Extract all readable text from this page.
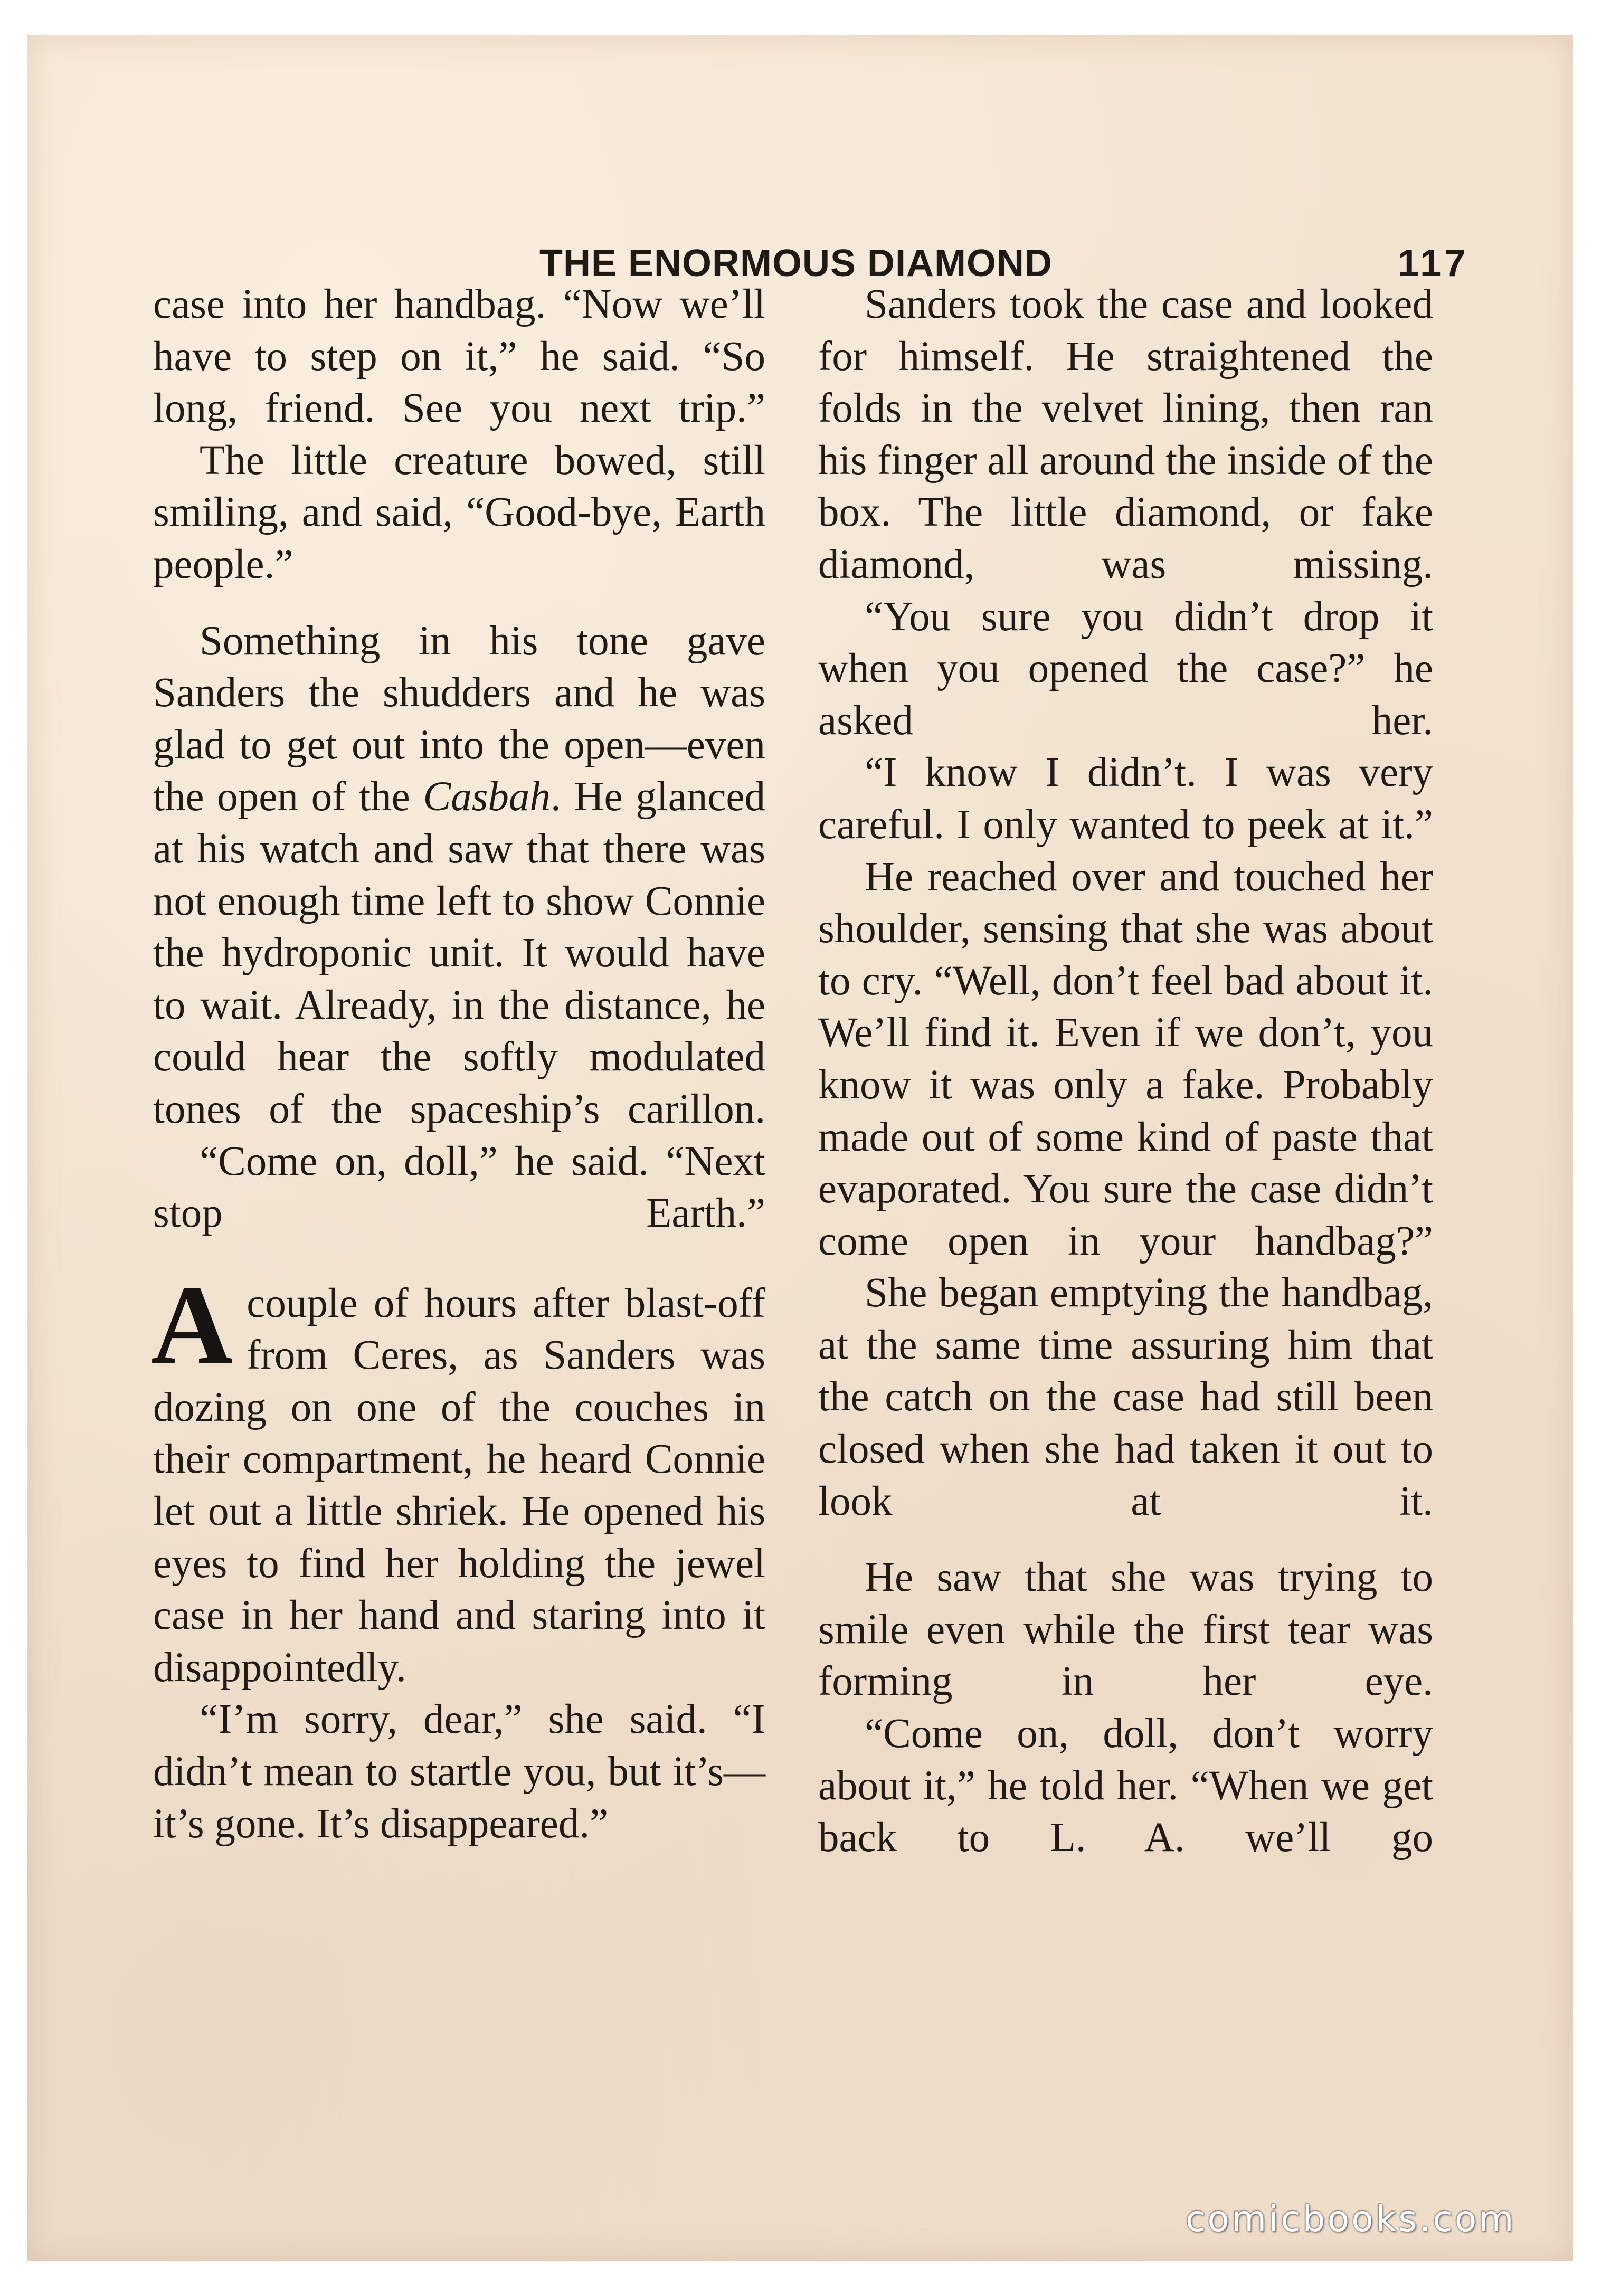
THE ENORMOUS DIAMOND	117

case into her handbag. “Now we’ll have to step on it,” he said. “So long, friend. See you next trip.”

The little creature bowed, still smiling, and said, “Good-bye, Earth people.”

Something in his tone gave Sanders the shudders and he was glad to get out into the open—even the open of the Casbah. He glanced at his watch and saw that there was not enough time left to show Connie the hydroponic unit. It would have to wait. Already, in the distance, he could hear the softly modulated tones of the spaceship’s carillon.

“Come on, doll,” he said. “Next stop Earth.”

Acouple of hours after blast-off from Ceres, as Sanders was dozing on one of the couches in their compartment, he heard Connie let out a little shriek. He opened his eyes to find her holding the jewel case in her hand and staring into it disappointedly.

“I’m sorry, dear,” she said. “I didn’t mean to startle you, but it’s—it’s gone. It’s disappeared.”

Sanders took the case and looked for himself. He straightened the folds in the velvet lining, then ran his finger all around the inside of the box. The little diamond, or fake diamond, was missing.

“You sure you didn’t drop it when you opened the case?” he asked her.

“I know I didn’t. I was very careful. I only wanted to peek at it.”

He reached over and touched her shoulder, sensing that she was about to cry. “Well, don’t feel bad about it. We’ll find it. Even if we don’t, you know it was only a fake. Probably made out of some kind of paste that evaporated. You sure the case didn’t come open in your handbag?”

She began emptying the handbag, at the same time assuring him that the catch on the case had still been closed when she had taken it out to look at it.

He saw that she was trying to smile even while the first tear was forming in her eye.

“Come on, doll, don’t worry about it,” he told her. “When we get back to L. A. we’ll go

comicbooks.com
